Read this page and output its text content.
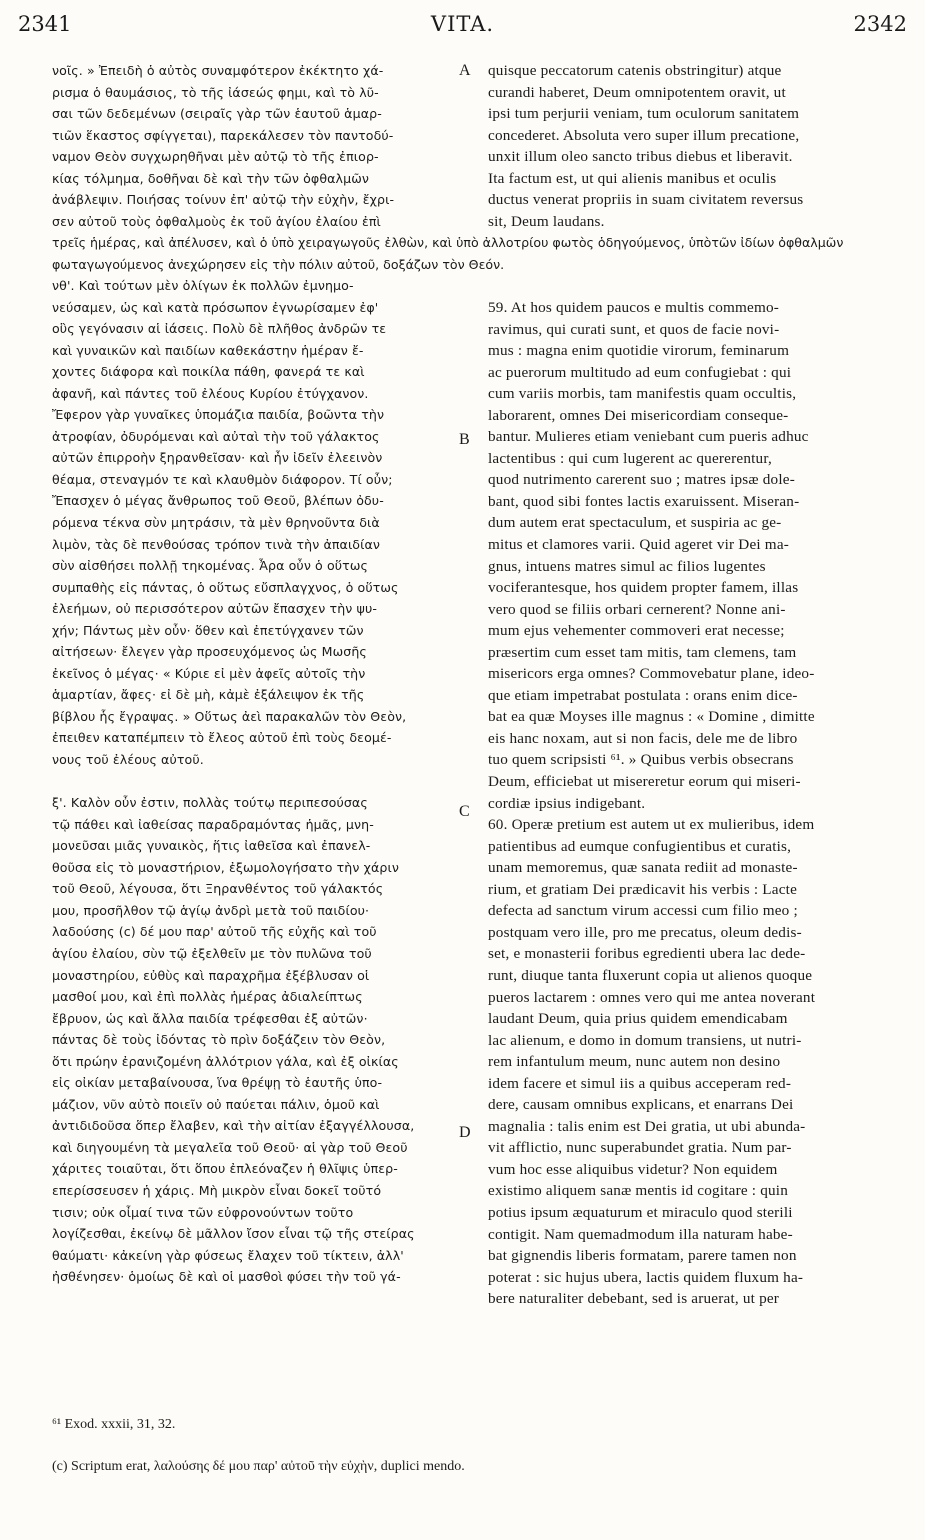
2341	VITA.	2342
νοῖς. » Ἐπειδὴ ὁ αὐτὸς συναμφότερον ἐκέκτητο χά-
ρισμα ὁ θαυμάσιος, τὸ τῆς ἰάσεώς φημι, καὶ τὸ λῦ-
σαι τῶν δεδεμένων (σειραῖς γὰρ τῶν ἑαυτοῦ ἁμαρ-
τιῶν ἕκαστος σφίγγεται), παρεκάλεσεν τὸν παντοδύ-
ναμον Θεὸν συγχωρηθῆναι μὲν αὐτῷ τὸ τῆς ἐπιορ-
κίας τόλμημα, δοθῆναι δὲ καὶ τὴν τῶν ὀφθαλμῶν
ἀνάβλεψιν. Ποιήσας τοίνυν ἐπ' αὐτῷ τὴν εὐχὴν, ἔχρι-
σεν αὐτοῦ τοὺς ὀφθαλμοὺς ἐκ τοῦ ἁγίου ἐλαίου ἐπὶ
quisque peccatorum catenis obstringitur) atque
curandi haberet, Deum omnipotentem oravit, ut
ipsi tum perjurii veniam, tum oculorum sanitatem
concederet. Absoluta vero super illum precatione,
unxit illum oleo sancto tribus diebus et liberavit.
Ita factum est, ut qui alienis manibus et oculis
ductus venerat propriis in suam civitatem reversus
sit, Deum laudans.
τρεῖς ἡμέρας, καὶ ἀπέλυσεν, καὶ ὁ ὑπὸ χειραγωγοῦς ἐλθὼν, καὶ ὑπὸ ἀλλοτρίου φωτὸς ὁδηγούμενος, ὑπὸτῶν ἰδίων ὀφθαλμῶν φωταγωγούμενος ἀνεχώρησεν εἰς τὴν πόλιν αὐτοῦ, δοξάζων τὸν Θεόν.
νθ'. Καὶ τούτων μὲν ὀλίγων ἐκ πολλῶν ἐμνημο-
νεύσαμεν, ὡς καὶ κατὰ πρόσωπον ἐγνωρίσαμεν ἐφ'
οὓς γεγόνασιν αἱ ἰάσεις. Πολὺ δὲ πλῆθος ἀνδρῶν τε
καὶ γυναικῶν καὶ παιδίων καθεκάστην ἡμέραν ἔ-
χοντες διάφορα καὶ ποικίλα πάθη, φανερά τε καὶ
ἀφανῆ, καὶ πάντες τοῦ ἐλέους Κυρίου ἐτύγχανον.
Ἔφερον γὰρ γυναῖκες ὑπομάζια παιδία, βοῶντα τὴν
ἀτροφίαν, ὀδυρόμεναι καὶ αὐταὶ τὴν τοῦ γάλακτος
αὐτῶν ἐπιρροὴν ξηρανθεῖσαν· καὶ ἦν ἰδεῖν ἐλεεινὸν
θέαμα, στεναγμόν τε καὶ κλαυθμὸν διάφορον. Τί οὖν;
Ἔπασχεν ὁ μέγας ἄνθρωπος τοῦ Θεοῦ, βλέπων ὀδυ-
ρόμενα τέκνα σὺν μητράσιν, τὰ μὲν θρηνοῦντα διὰ
λιμὸν, τὰς δὲ πενθούσας τρόπον τινὰ τὴν ἀπαιδίαν
σὺν αἰσθήσει πολλῇ τηκομένας. Ἆρα οὖν ὁ οὕτως
συμπαθὴς εἰς πάντας, ὁ οὕτως εὔσπλαγχνος, ὁ οὕτως
ἐλεήμων, οὐ περισσότερον αὐτῶν ἔπασχεν τὴν ψυ-
χήν; Πάντως μὲν οὖν· ὅθεν καὶ ἐπετύγχανεν τῶν
αἰτήσεων· ἔλεγεν γὰρ προσευχόμενος ὡς Μωσῆς
ἐκεῖνος ὁ μέγας· « Κύριε εἰ μὲν ἀφεῖς αὐτοῖς τὴν
ἁμαρτίαν, ἄφες· εἰ δὲ μὴ, κἀμὲ ἐξάλειψον ἐκ τῆς
βίβλου ἧς ἔγραψας. » Οὕτως ἀεὶ παρακαλῶν τὸν Θεὸν,
ἐπειθεν καταπέμπειν τὸ ἔλεος αὐτοῦ ἐπὶ τοὺς δεομέ-
νους τοῦ ἐλέους αὐτοῦ.
ξ'. Καλὸν οὖν ἐστιν, πολλὰς τούτῳ περιπεσούσας
τῷ πάθει καὶ ἰαθείσας παραδραμόντας ἡμᾶς, μνη-
μονεῦσαι μιᾶς γυναικὸς, ἥτις ἰαθεῖσα καὶ ἐπανελ-
θοῦσα εἰς τὸ μοναστήριον, ἐξωμολογήσατο τὴν χάριν
τοῦ Θεοῦ, λέγουσα, ὅτι Ξηρανθέντος τοῦ γάλακτός
μου, προσῆλθον τῷ ἁγίῳ ἀνδρὶ μετὰ τοῦ παιδίου·
λαδούσης (c) δέ μου παρ' αὐτοῦ τῆς εὐχῆς καὶ τοῦ
ἁγίου ἐλαίου, σὺν τῷ ἐξελθεῖν με τὸν πυλῶνα τοῦ
μοναστηρίου, εὐθὺς καὶ παραχρῆμα ἐξέβλυσαν οἱ
μασθοί μου, καὶ ἐπὶ πολλὰς ἡμέρας ἀδιαλείπτως
ἔβρυον, ὡς καὶ ἄλλα παιδία τρέφεσθαι ἐξ αὐτῶν·
πάντας δὲ τοὺς ἰδόντας τὸ πρὶν δοξάζειν τὸν Θεὸν,
ὅτι πρώην ἐρανιζομένη ἀλλότριον γάλα, καὶ ἐξ οἰκίας
εἰς οἰκίαν μεταβαίνουσα, ἵνα θρέψῃ τὸ ἑαυτῆς ὑπο-
μάζιον, νῦν αὐτὸ ποιεῖν οὐ παύεται πάλιν, ὁμοῦ καὶ
ἀντιδιδοῦσα ὅπερ ἔλαβεν, καὶ τὴν αἰτίαν ἐξαγγέλλουσα,
καὶ διηγουμένη τὰ μεγαλεῖα τοῦ Θεοῦ· αἱ γὰρ τοῦ Θεοῦ
χάριτες τοιαῦται, ὅτι ὅπου ἐπλεόναζεν ἡ θλῖψις ὑπερ-
επερίσσευσεν ἡ χάρις. Μὴ μικρὸν εἶναι δοκεῖ τοῦτό
τισιν; οὐκ οἶμαί τινα τῶν εὐφρονούντων τοῦτο
λογίζεσθαι, ἐκείνῳ δὲ μᾶλλον ἴσον εἶναι τῷ τῆς στείρας
θαύματι· κἀκείνη γὰρ φύσεως ἔλαχεν τοῦ τίκτειν, ἀλλ'
ἠσθένησεν· ὁμοίως δὲ καὶ οἱ μασθοὶ φύσει τὴν τοῦ γά-
59. At hos quidem paucos e multis commemo-
ravimus, qui curati sunt, et quos de facie novi-
mus : magna enim quotidie virorum, feminarum
ac puerorum multitudo ad eum confugiebat : qui
cum variis morbis, tam manifestis quam occultis,
laborarent, omnes Dei misericordiam conseque-
bantur. Mulieres etiam veniebant cum pueris adhuc
lactentibus : qui cum lugerent ac quererentur,
quod nutrimento carerent suo ; matres ipsæ dole-
bant, quod sibi fontes lactis exaruissent. Miseran-
dum autem erat spectaculum, et suspiria ac ge-
mitus et clamores varii. Quid ageret vir Dei ma-
gnus, intuens matres simul ac filios lugentes
vociferantesque, hos quidem propter famem, illas
vero quod se filiis orbari cernerent? Nonne ani-
mum ejus vehementer commoveri erat necesse;
præsertim cum esset tam mitis, tam clemens, tam
misericors erga omnes? Commovebatur plane, ideo-
que etiam impetrabat postulata : orans enim dice-
bat ea quæ Moyses ille magnus : « Domine , dimitte
eis hanc noxam, aut si non facis, dele me de libro
tuo quem scripsisti ⁶¹. » Quibus verbis obsecrans
Deum, efficiebat ut misereretur eorum qui miseri-
cordiæ ipsius indigebant.
60. Operæ pretium est autem ut ex mulieribus, idem
patientibus ad eumque confugientibus et curatis,
unam memoremus, quæ sanata rediit ad monaste-
rium, et gratiam Dei prædicavit his verbis : Lacte
defecta ad sanctum virum accessi cum filio meo ;
postquam vero ille, pro me precatus, oleum dedis-
set, e monasterii foribus egredienti ubera lac dede-
runt, diuque tanta fluxerunt copia ut alienos quoque
pueros lactarem : omnes vero qui me antea noverant
laudant Deum, quia prius quidem emendicabam
lac alienum, e domo in domum transiens, ut nutri-
rem infantulum meum, nunc autem non desino
idem facere et simul iis a quibus acceperam red-
dere, causam omnibus explicans, et enarrans Dei
magnalia : talis enim est Dei gratia, ut ubi abunda-
vit afflictio, nunc superabundet gratia. Num par-
vum hoc esse aliquibus videtur? Non equidem
existimo aliquem sanæ mentis id cogitare : quin
potius ipsum æquaturum et miraculo quod sterili
contigit. Nam quemadmodum illa naturam habe-
bat gignendis liberis formatam, parere tamen non
poterat : sic hujus ubera, lactis quidem fluxum ha-
bere naturaliter debebant, sed is aruerat, ut per
A
B
C
D
⁶¹ Exod. xxxii, 31, 32.
(c) Scriptum erat, λαλούσης δέ μου παρ' αὐτοῦ τὴν εὐχὴν, duplici mendo.
